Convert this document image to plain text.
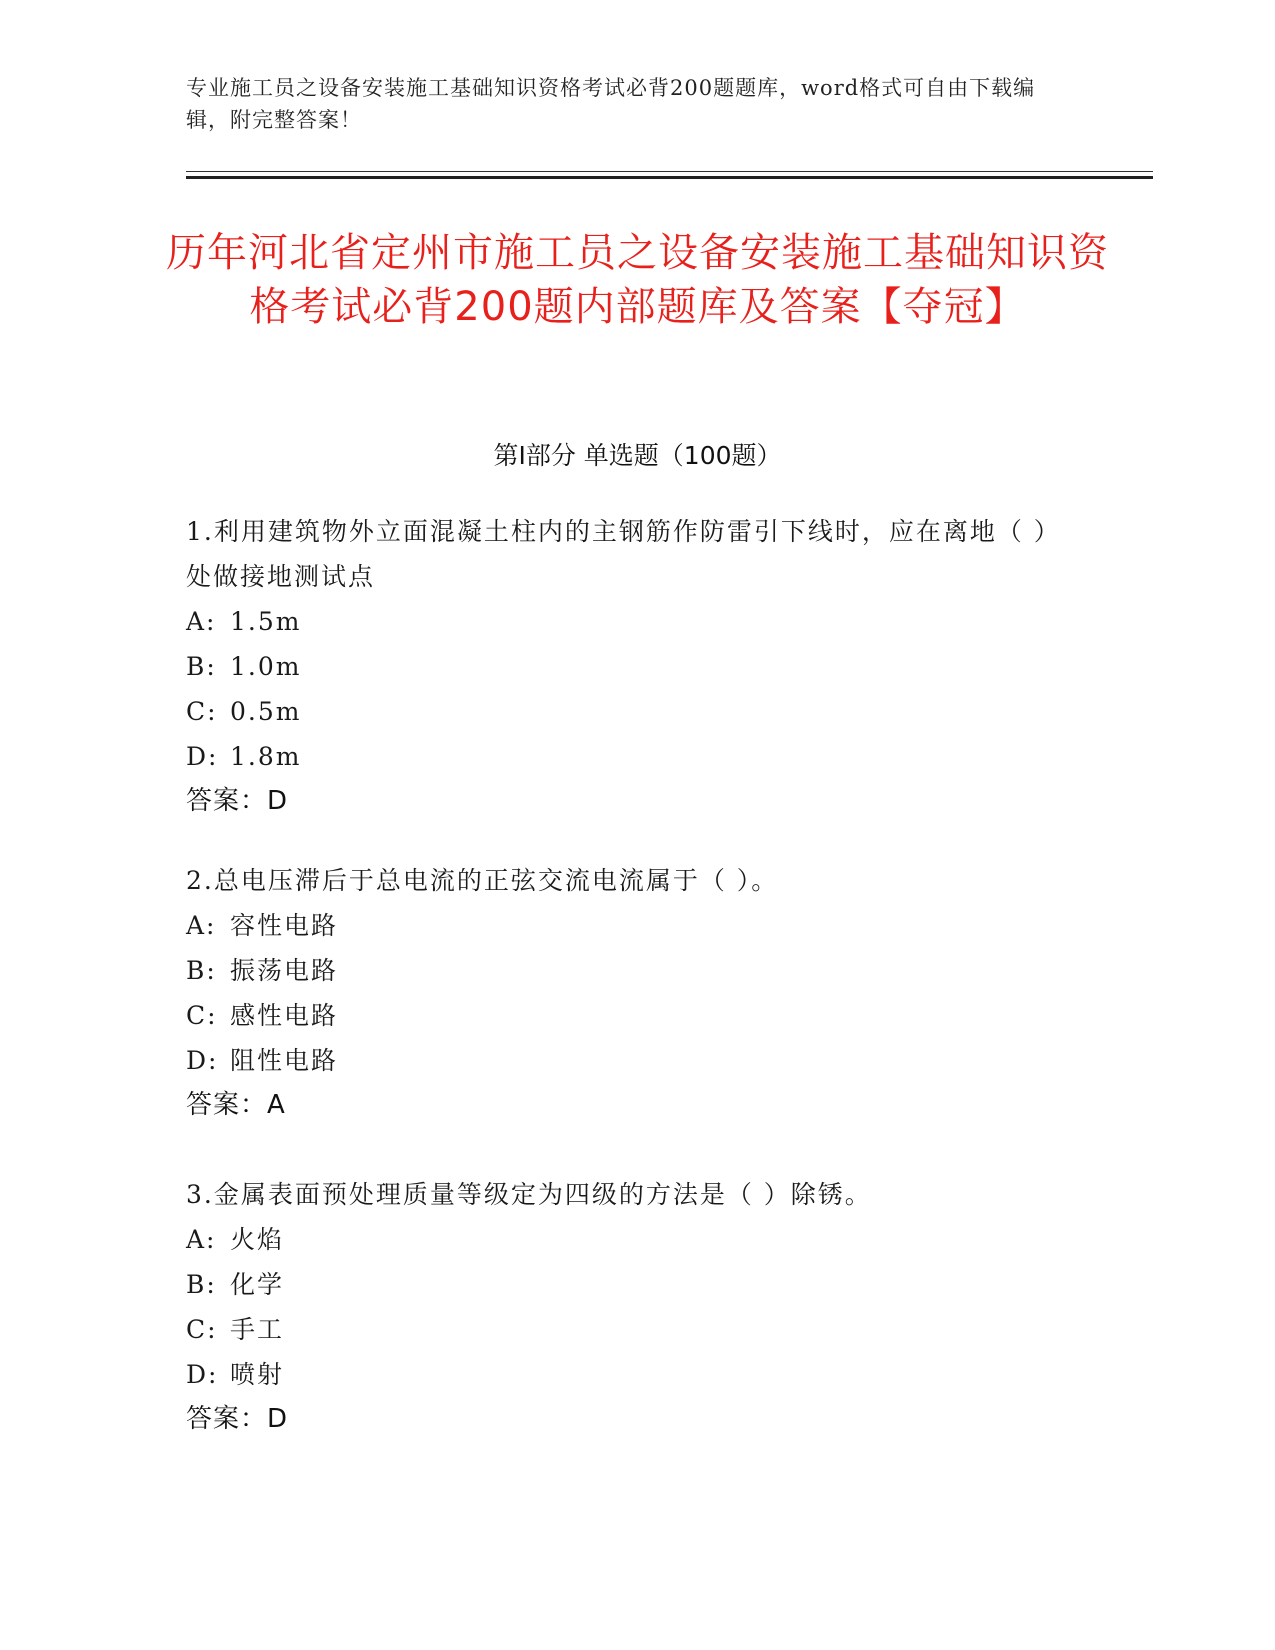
专业施工员之设备安装施工基础知识资格考试必背200题题库，word格式可自由下载编辑，附完整答案！
历年河北省定州市施工员之设备安装施工基础知识资格考试必背200题内部题库及答案【夺冠】
第Ⅰ部分 单选题（100题）
1.利用建筑物外立面混凝土柱内的主钢筋作防雷引下线时，应在离地（ ）处做接地测试点
A: 1.5m
B: 1.0m
C: 0.5m
D: 1.8m
答案：D
2.总电压滞后于总电流的正弦交流电流属于（ ）。
A: 容性电路
B: 振荡电路
C: 感性电路
D: 阻性电路
答案：A
3.金属表面预处理质量等级定为四级的方法是（ ）除锈。
A: 火焰
B: 化学
C: 手工
D: 喷射
答案：D
